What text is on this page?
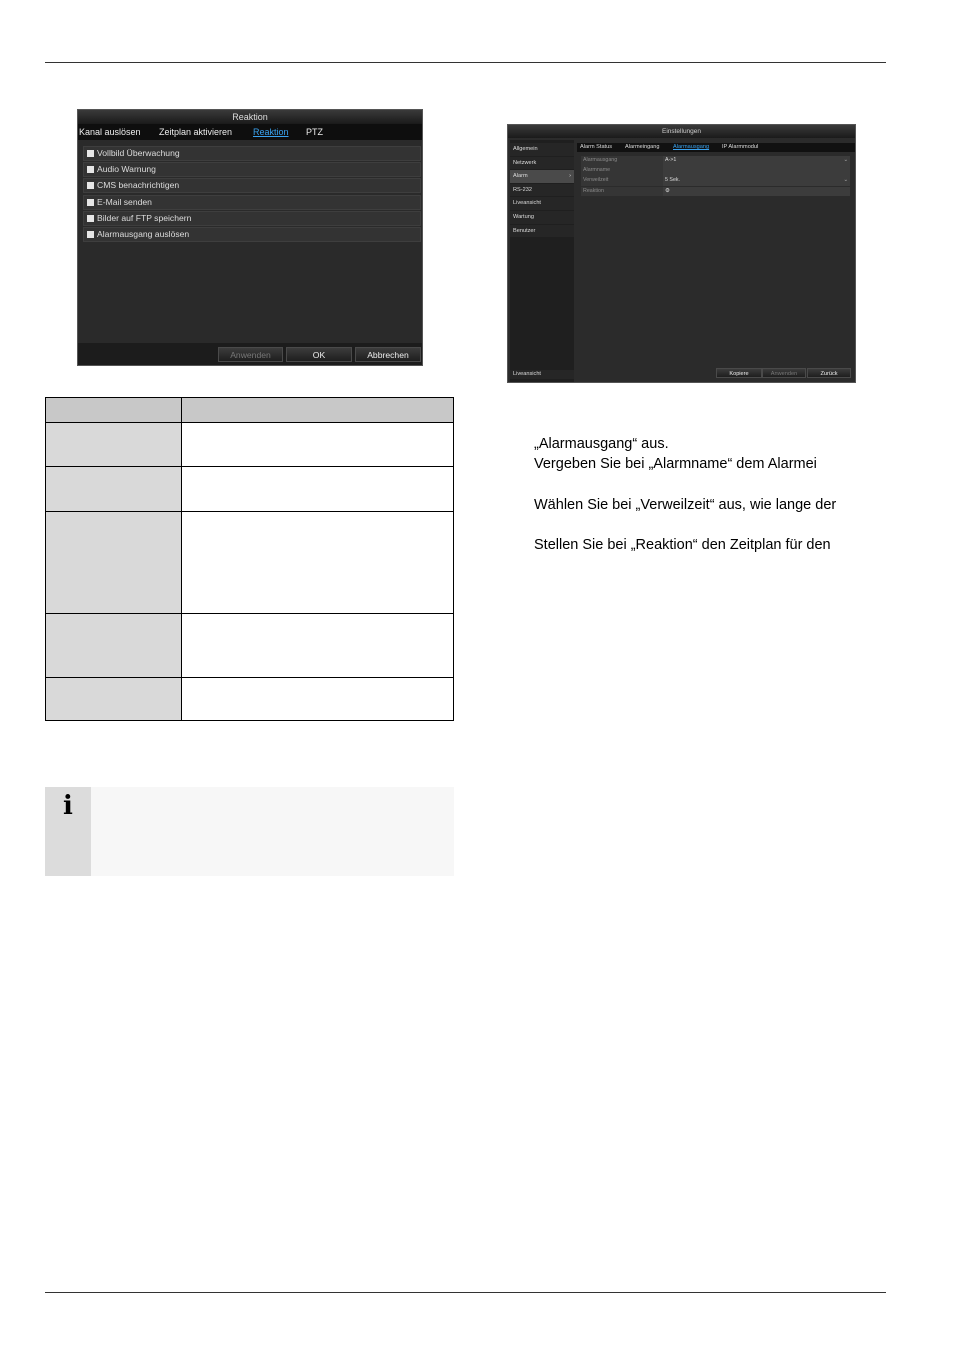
Reaktion
Kanal auslösen Zeitplan aktivieren Reaktion PTZ
Vollbild Überwachung
Audio Warnung
CMS benachrichtigen
E-Mail senden
Bilder auf FTP speichern
Alarmausgang auslösen
Anwenden	OK	Abbrechen
Einstellungen
Allgemein
Netzwerk
Alarm	›
RS-232
Liveansicht
Wartung
Benutzer
Liveansicht
Alarm Status Alarmeingang Alarmausgang IP Alarmmodul
Alarmausgang	A->1	⌄
Alarmname
Verweilzeit	5 Sek.	⌄
Reaktion	⚙
Kopiere	Anwenden	Zurück

i
„Alarmausgang“ aus.
Vergeben Sie bei „Alarmname“ dem Alarmei
Wählen Sie bei „Verweilzeit“ aus, wie lange der
Stellen Sie bei „Reaktion“ den Zeitplan für den
